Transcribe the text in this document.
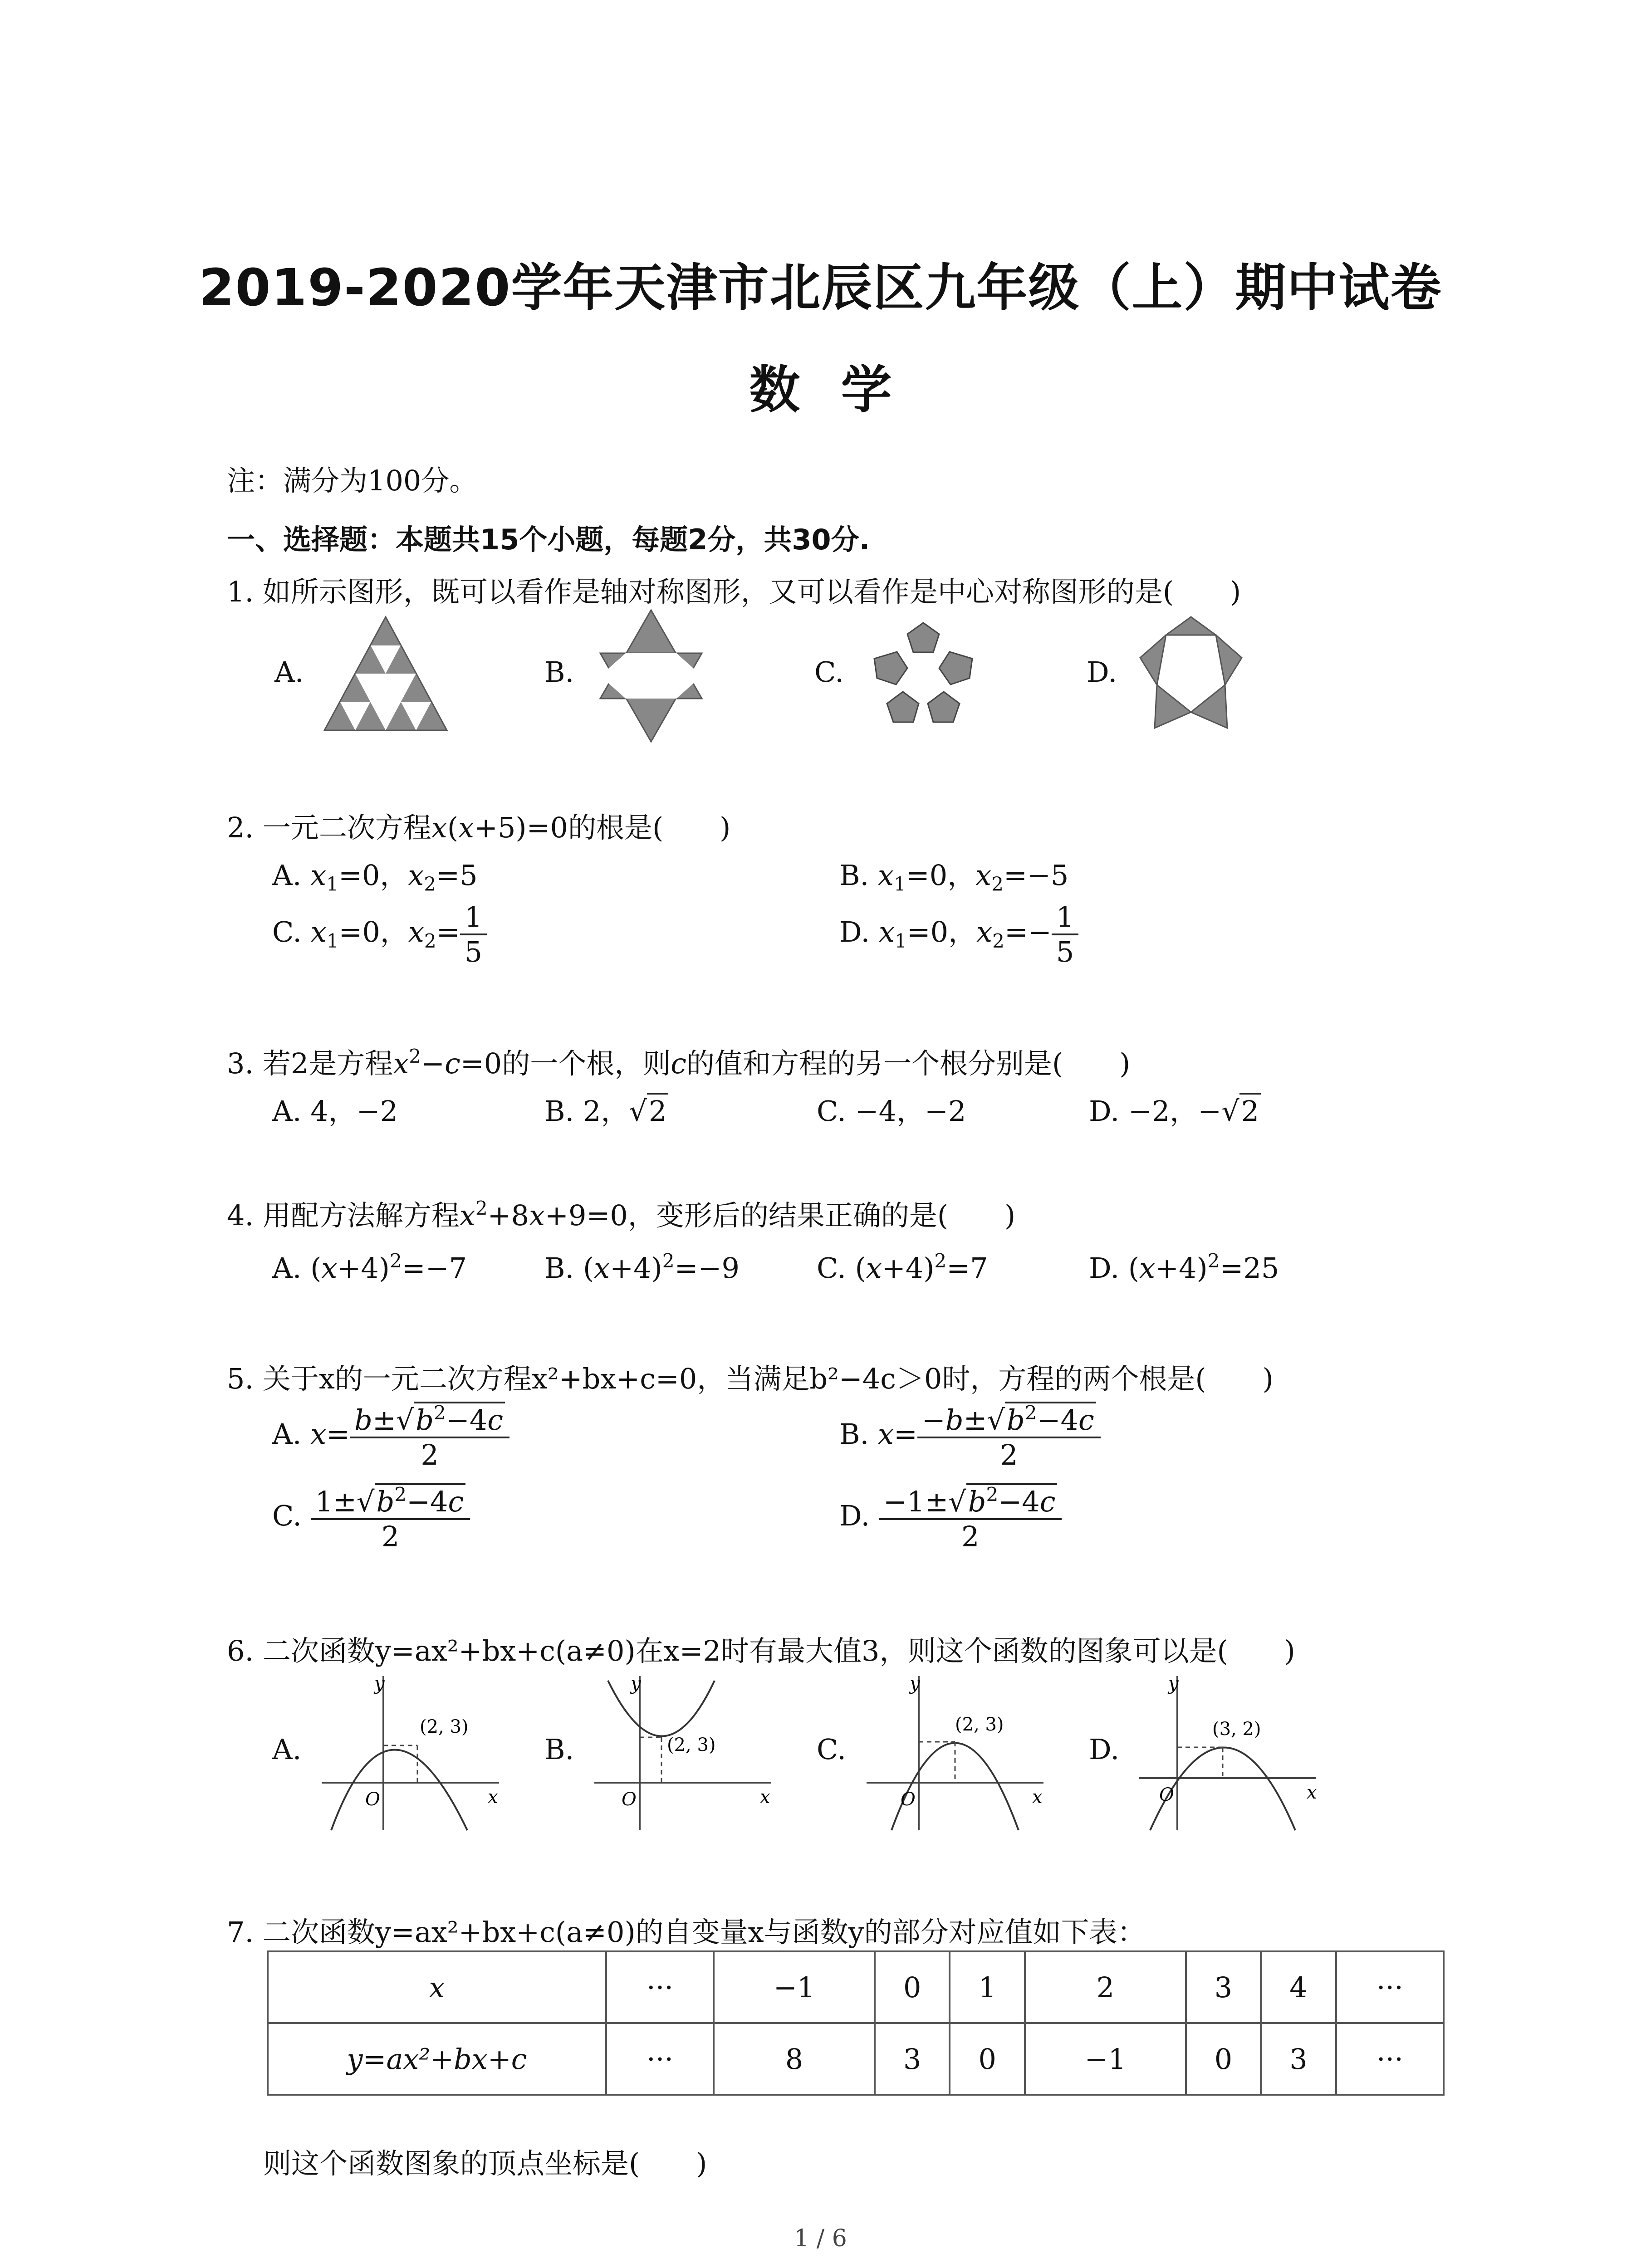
2019-2020学年天津市北辰区九年级（上）期中试卷
数学
注：满分为100分。
一、选择题：本题共15个小题，每题2分，共30分.
1. 如所示图形，既可以看作是轴对称图形，又可以看作是中心对称图形的是(　　)
A.	B.	C.	D.
2. 一元二次方程x(x+5)=0的根是(　　)
A. $x_1=0$，$x_2=5$	B. $x_1=0$，$x_2=-5$
C. $x_1=0$，$x_2= \frac{1}{5}$	D. $x_1=0$，$x_2=- \frac{1}{5}$
3. 若2是方程$x^2-c=0$的一个根，则c的值和方程的另一个根分别是(　　)
A. 4，−2	B. 2，√2	C. −4，−2	D. −2，−√2
4. 用配方法解方程$x^2+8x+9=0$，变形后的结果正确的是(　　)
A. $(x+4)^2=-7$	B. $(x+4)^2=-9$	C. $(x+4)^2=7$	D. $(x+4)^2=25$
5. 关于x的一元二次方程x²+bx+c=0，当满足b²−4c＞0时，方程的两个根是(　　)
A. $x= \frac{b\pm√b^2-4c}{2}$	B. $x= \frac{-b\pm√b^2-4c}{2}$
C. $\frac{1\pm√b^2-4c}{2}$	D. $\frac{-1\pm√b^2-4c}{2}$
6. 二次函数y=ax²+bx+c(a≠0)在x=2时有最大值3，则这个函数的图象可以是(　　)
A.	B.	C.	D.
(2, 3)
y
x
O
(2, 3)
y
x
O
(2, 3)
y
x
O
(3, 2)
y
x
O
7. 二次函数y=ax²+bx+c(a≠0)的自变量x与函数y的部分对应值如下表：
x	···	−1	0	1	2	3	4	···
y=ax²+bx+c	···	8	3	0	−1	0	3	···
则这个函数图象的顶点坐标是(　　)
1 / 6
